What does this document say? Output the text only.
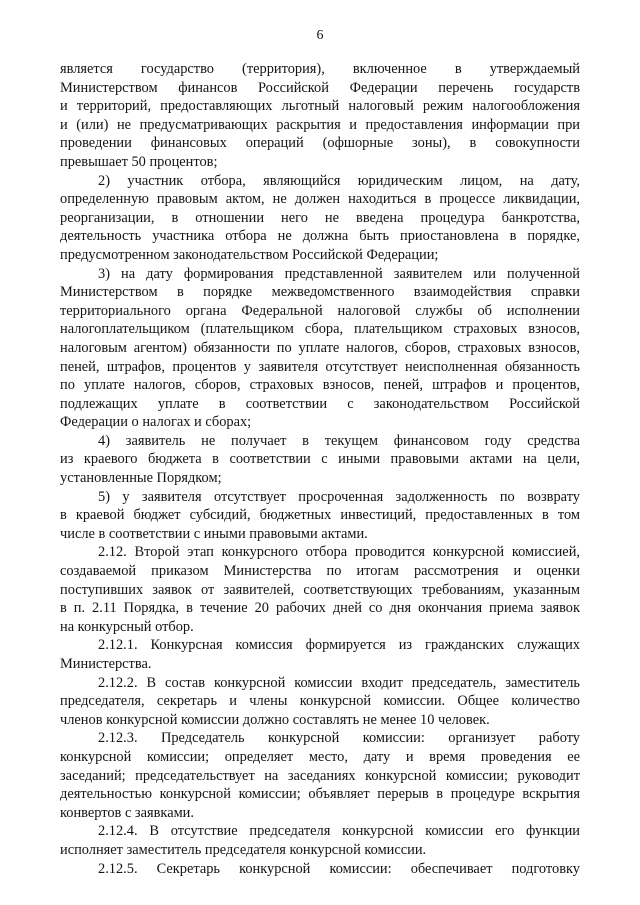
6
является государство (территория), включенное в утверждаемый
Министерством финансов Российской Федерации перечень государств
и территорий, предоставляющих льготный налоговый режим налогообложения
и (или) не предусматривающих раскрытия и предоставления информации при
проведении финансовых операций (офшорные зоны), в совокупности
превышает 50 процентов;
2) участник отбора, являющийся юридическим лицом, на дату,
определенную правовым актом, не должен находиться в процессе ликвидации,
реорганизации, в отношении него не введена процедура банкротства,
деятельность участника отбора не должна быть приостановлена в порядке,
предусмотренном законодательством Российской Федерации;
3) на дату формирования представленной заявителем или полученной
Министерством в порядке межведомственного взаимодействия справки
территориального органа Федеральной налоговой службы об исполнении
налогоплательщиком (плательщиком сбора, плательщиком страховых взносов,
налоговым агентом) обязанности по уплате налогов, сборов, страховых взносов,
пеней, штрафов, процентов у заявителя отсутствует неисполненная обязанность
по уплате налогов, сборов, страховых взносов, пеней, штрафов и процентов,
подлежащих уплате в соответствии с законодательством Российской
Федерации о налогах и сборах;
4) заявитель не получает в текущем финансовом году средства
из краевого бюджета в соответствии с иными правовыми актами на цели,
установленные Порядком;
5) у заявителя отсутствует просроченная задолженность по возврату
в краевой бюджет субсидий, бюджетных инвестиций, предоставленных в том
числе в соответствии с иными правовыми актами.
2.12. Второй этап конкурсного отбора проводится конкурсной комиссией,
создаваемой приказом Министерства по итогам рассмотрения и оценки
поступивших заявок от заявителей, соответствующих требованиям, указанным
в п. 2.11 Порядка, в течение 20 рабочих дней со дня окончания приема заявок
на конкурсный отбор.
2.12.1. Конкурсная комиссия формируется из гражданских служащих
Министерства.
2.12.2. В состав конкурсной комиссии входит председатель, заместитель
председателя, секретарь и члены конкурсной комиссии. Общее количество
членов конкурсной комиссии должно составлять не менее 10 человек.
2.12.3. Председатель конкурсной комиссии: организует работу
конкурсной комиссии; определяет место, дату и время проведения ее
заседаний; председательствует на заседаниях конкурсной комиссии; руководит
деятельностью конкурсной комиссии; объявляет перерыв в процедуре вскрытия
конвертов с заявками.
2.12.4. В отсутствие председателя конкурсной комиссии его функции
исполняет заместитель председателя конкурсной комиссии.
2.12.5. Секретарь конкурсной комиссии: обеспечивает подготовку
